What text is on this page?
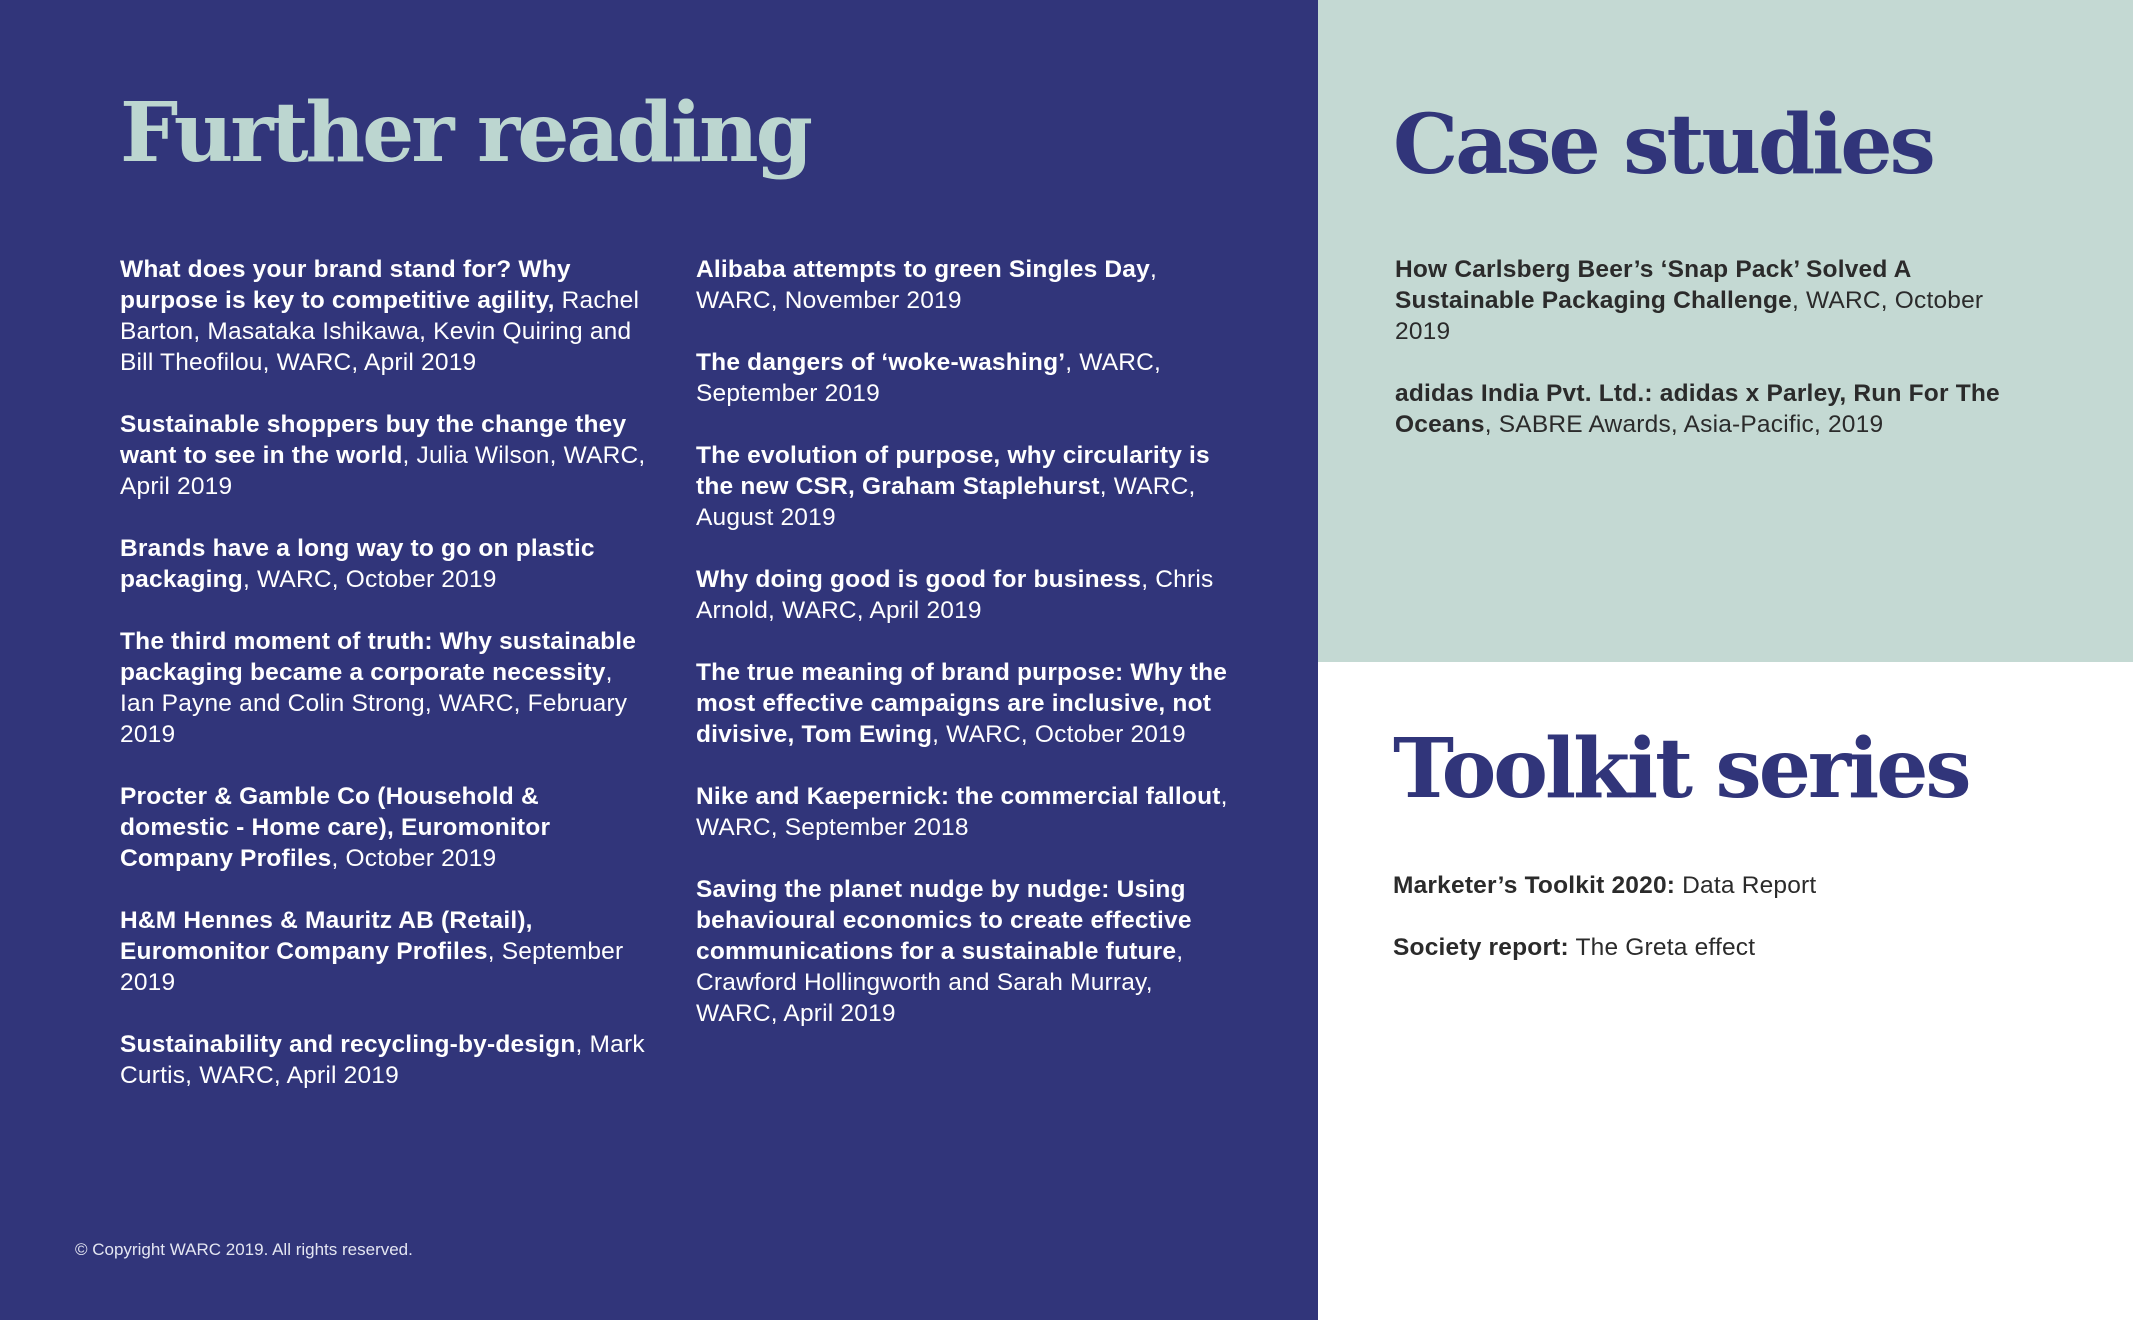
Further reading	Case studies
Toolkit series

What does your brand stand for? Why purpose is key to competitive agility, Rachel Barton, Masataka Ishikawa, Kevin Quiring and Bill Theofilou, WARC, April 2019

Sustainable shoppers buy the change they want to see in the world, Julia Wilson, WARC, April 2019

Brands have a long way to go on plastic packaging, WARC, October 2019

The third moment of truth: Why sustainable packaging became a corporate necessity, Ian Payne and Colin Strong, WARC, February 2019

Procter & Gamble Co (Household & domestic - Home care), Euromonitor Company Profiles, October 2019

H&M Hennes & Mauritz AB (Retail), Euromonitor Company Profiles, September 2019

Sustainability and recycling-by-design, Mark Curtis, WARC, April 2019

Alibaba attempts to green Singles Day, WARC, November 2019

The dangers of ‘woke-washing’, WARC, September 2019

The evolution of purpose, why circularity is the new CSR, Graham Staplehurst, WARC, August 2019

Why doing good is good for business, Chris Arnold, WARC, April 2019

The true meaning of brand purpose: Why the most effective campaigns are inclusive, not divisive, Tom Ewing, WARC, October 2019

Nike and Kaepernick: the commercial fallout, WARC, September 2018

Saving the planet nudge by nudge: Using behavioural economics to create effective communications for a sustainable future, Crawford Hollingworth and Sarah Murray, WARC, April 2019

How Carlsberg Beer’s ‘Snap Pack’ Solved A Sustainable Packaging Challenge, WARC, October 2019

adidas India Pvt. Ltd.: adidas x Parley, Run For The Oceans, SABRE Awards, Asia-Pacific, 2019

Marketer’s Toolkit 2020: Data Report

Society report: The Greta effect

© Copyright WARC 2019. All rights reserved.
